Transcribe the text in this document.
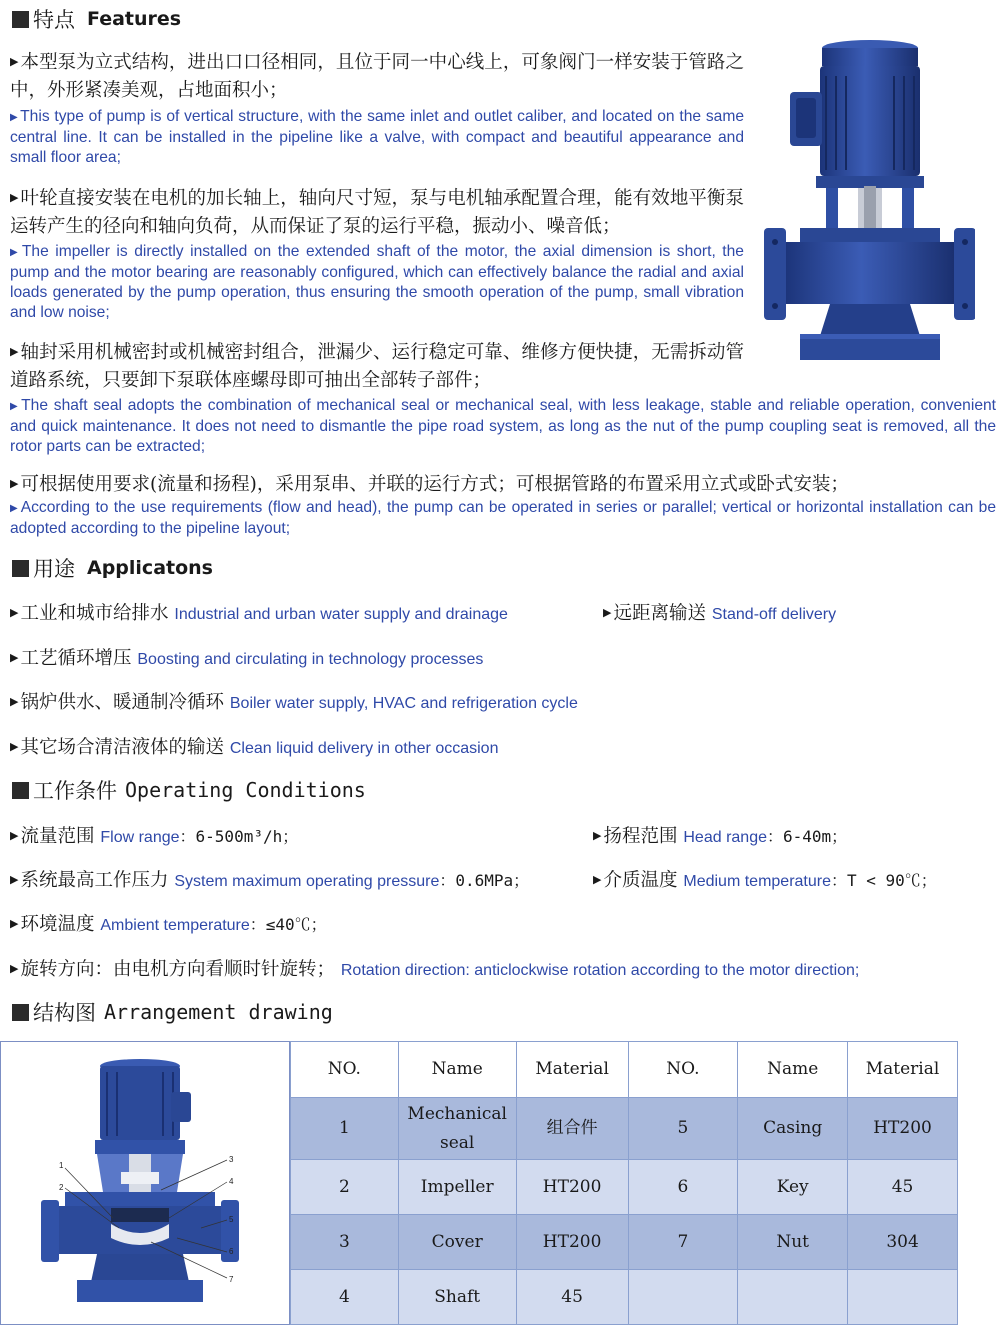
特点 Features
▶ 本型泵为立式结构，进出口口径相同，且位于同一中心线上，可象阀门一样安装于管路之中，外形紧凑美观，占地面积小；
▶ This type of pump is of vertical structure, with the same inlet and outlet caliber, and located on the same central line. It can be installed in the pipeline like a valve, with compact and beautiful appearance and small floor area;
▶ 叶轮直接安装在电机的加长轴上，轴向尺寸短，泵与电机轴承配置合理，能有效地平衡泵运转产生的径向和轴向负荷，从而保证了泵的运行平稳，振动小、噪音低；
▶ The impeller is directly installed on the extended shaft of the motor, the axial dimension is short, the pump and the motor bearing are reasonably configured, which can effectively balance the radial and axial loads generated by the pump operation, thus ensuring the smooth operation of the pump, small vibration and low noise;
▶ 轴封采用机械密封或机械密封组合，泄漏少、运行稳定可靠、维修方便快捷，无需拆动管道路系统，只要卸下泵联体座螺母即可抽出全部转子部件；
▶ The shaft seal adopts the combination of mechanical seal or mechanical seal, with less leakage, stable and reliable operation, convenient and quick maintenance. It does not need to dismantle the pipe road system, as long as the nut of the pump coupling seat is removed, all the rotor parts can be extracted;
▶ 可根据使用要求(流量和扬程)，采用泵串、并联的运行方式；可根据管路的布置采用立式或卧式安装；
▶ According to the use requirements (flow and head), the pump can be operated in series or parallel; vertical or horizontal installation can be adopted according to the pipeline layout;
用途 Applicatons
▶ 工业和城市给排水 Industrial and urban water supply and drainage	▶ 远距离输送 Stand-off delivery
▶ 工艺循环增压 Boosting and circulating in technology processes
▶ 锅炉供水、暖通制冷循环 Boiler water supply, HVAC and refrigeration cycle
▶ 其它场合清洁液体的输送 Clean liquid delivery in other occasion
工作条件 Operating Conditions
▶ 流量范围 Flow range：6-500m³/h；	▶ 扬程范围 Head range：6-40m；
▶ 系统最高工作压力 System maximum operating pressure：0.6MPa；	▶ 介质温度 Medium temperature：T < 90℃；
▶ 环境温度 Ambient temperature：≤40℃；
▶ 旋转方向：由电机方向看顺时针旋转； Rotation direction: anticlockwise rotation according to the motor direction;
结构图 Arrangement drawing
1
2
3
4
5
6
7
NO.	Name	Material	NO.	Name	Material
1	Mechanical seal	组合件	5	Casing	HT200
2	Impeller	HT200	6	Key	45
3	Cover	HT200	7	Nut	304
4	Shaft	45			
